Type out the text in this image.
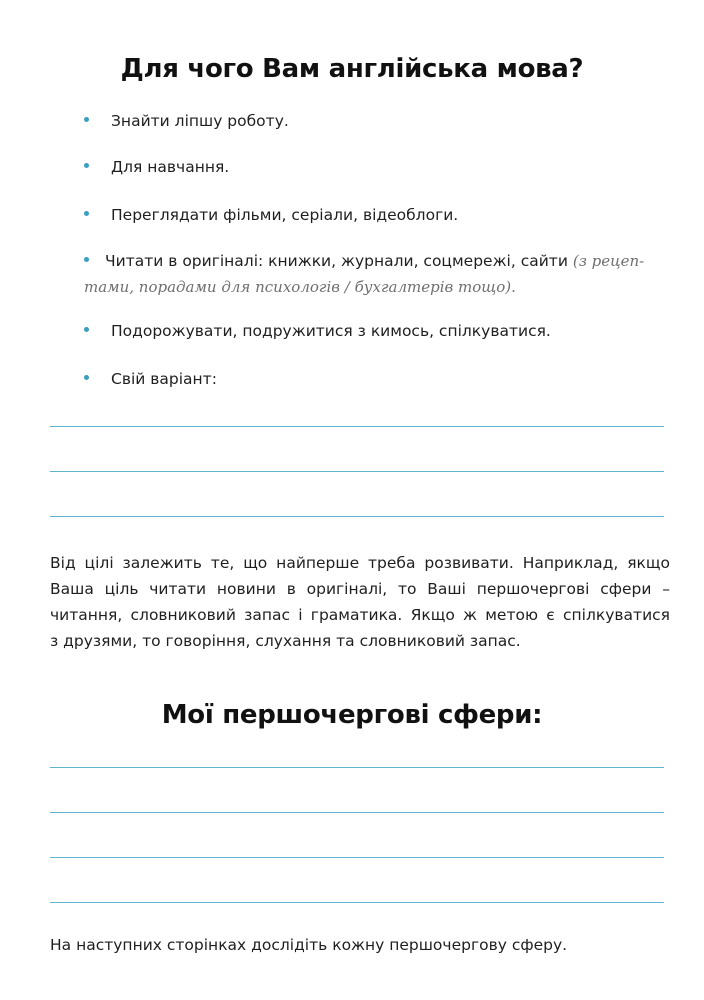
Для чого Вам англійська мова?
Знайти ліпшу роботу.
Для навчання.
Переглядати фільми, серіали, відеоблоги.
Читати в оригіналі: книжки, журнали, соцмережі, сайти (з рецеп-
тами, порадами для психологів / бухгалтерів тощо).
Подорожувати, подружитися з кимось, спілкуватися.
Свій варіант:
Від цілі залежить те, що найперше треба розвивати. Наприклад, якщо
Ваша ціль читати новини в оригіналі, то Ваші першочергові сфери –
читання, словниковий запас і граматика. Якщо ж метою є спілкуватися
з друзями, то говоріння, слухання та словниковий запас.
Мої першочергові сфери:
На наступних сторінках дослідіть кожну першочергову сферу.
